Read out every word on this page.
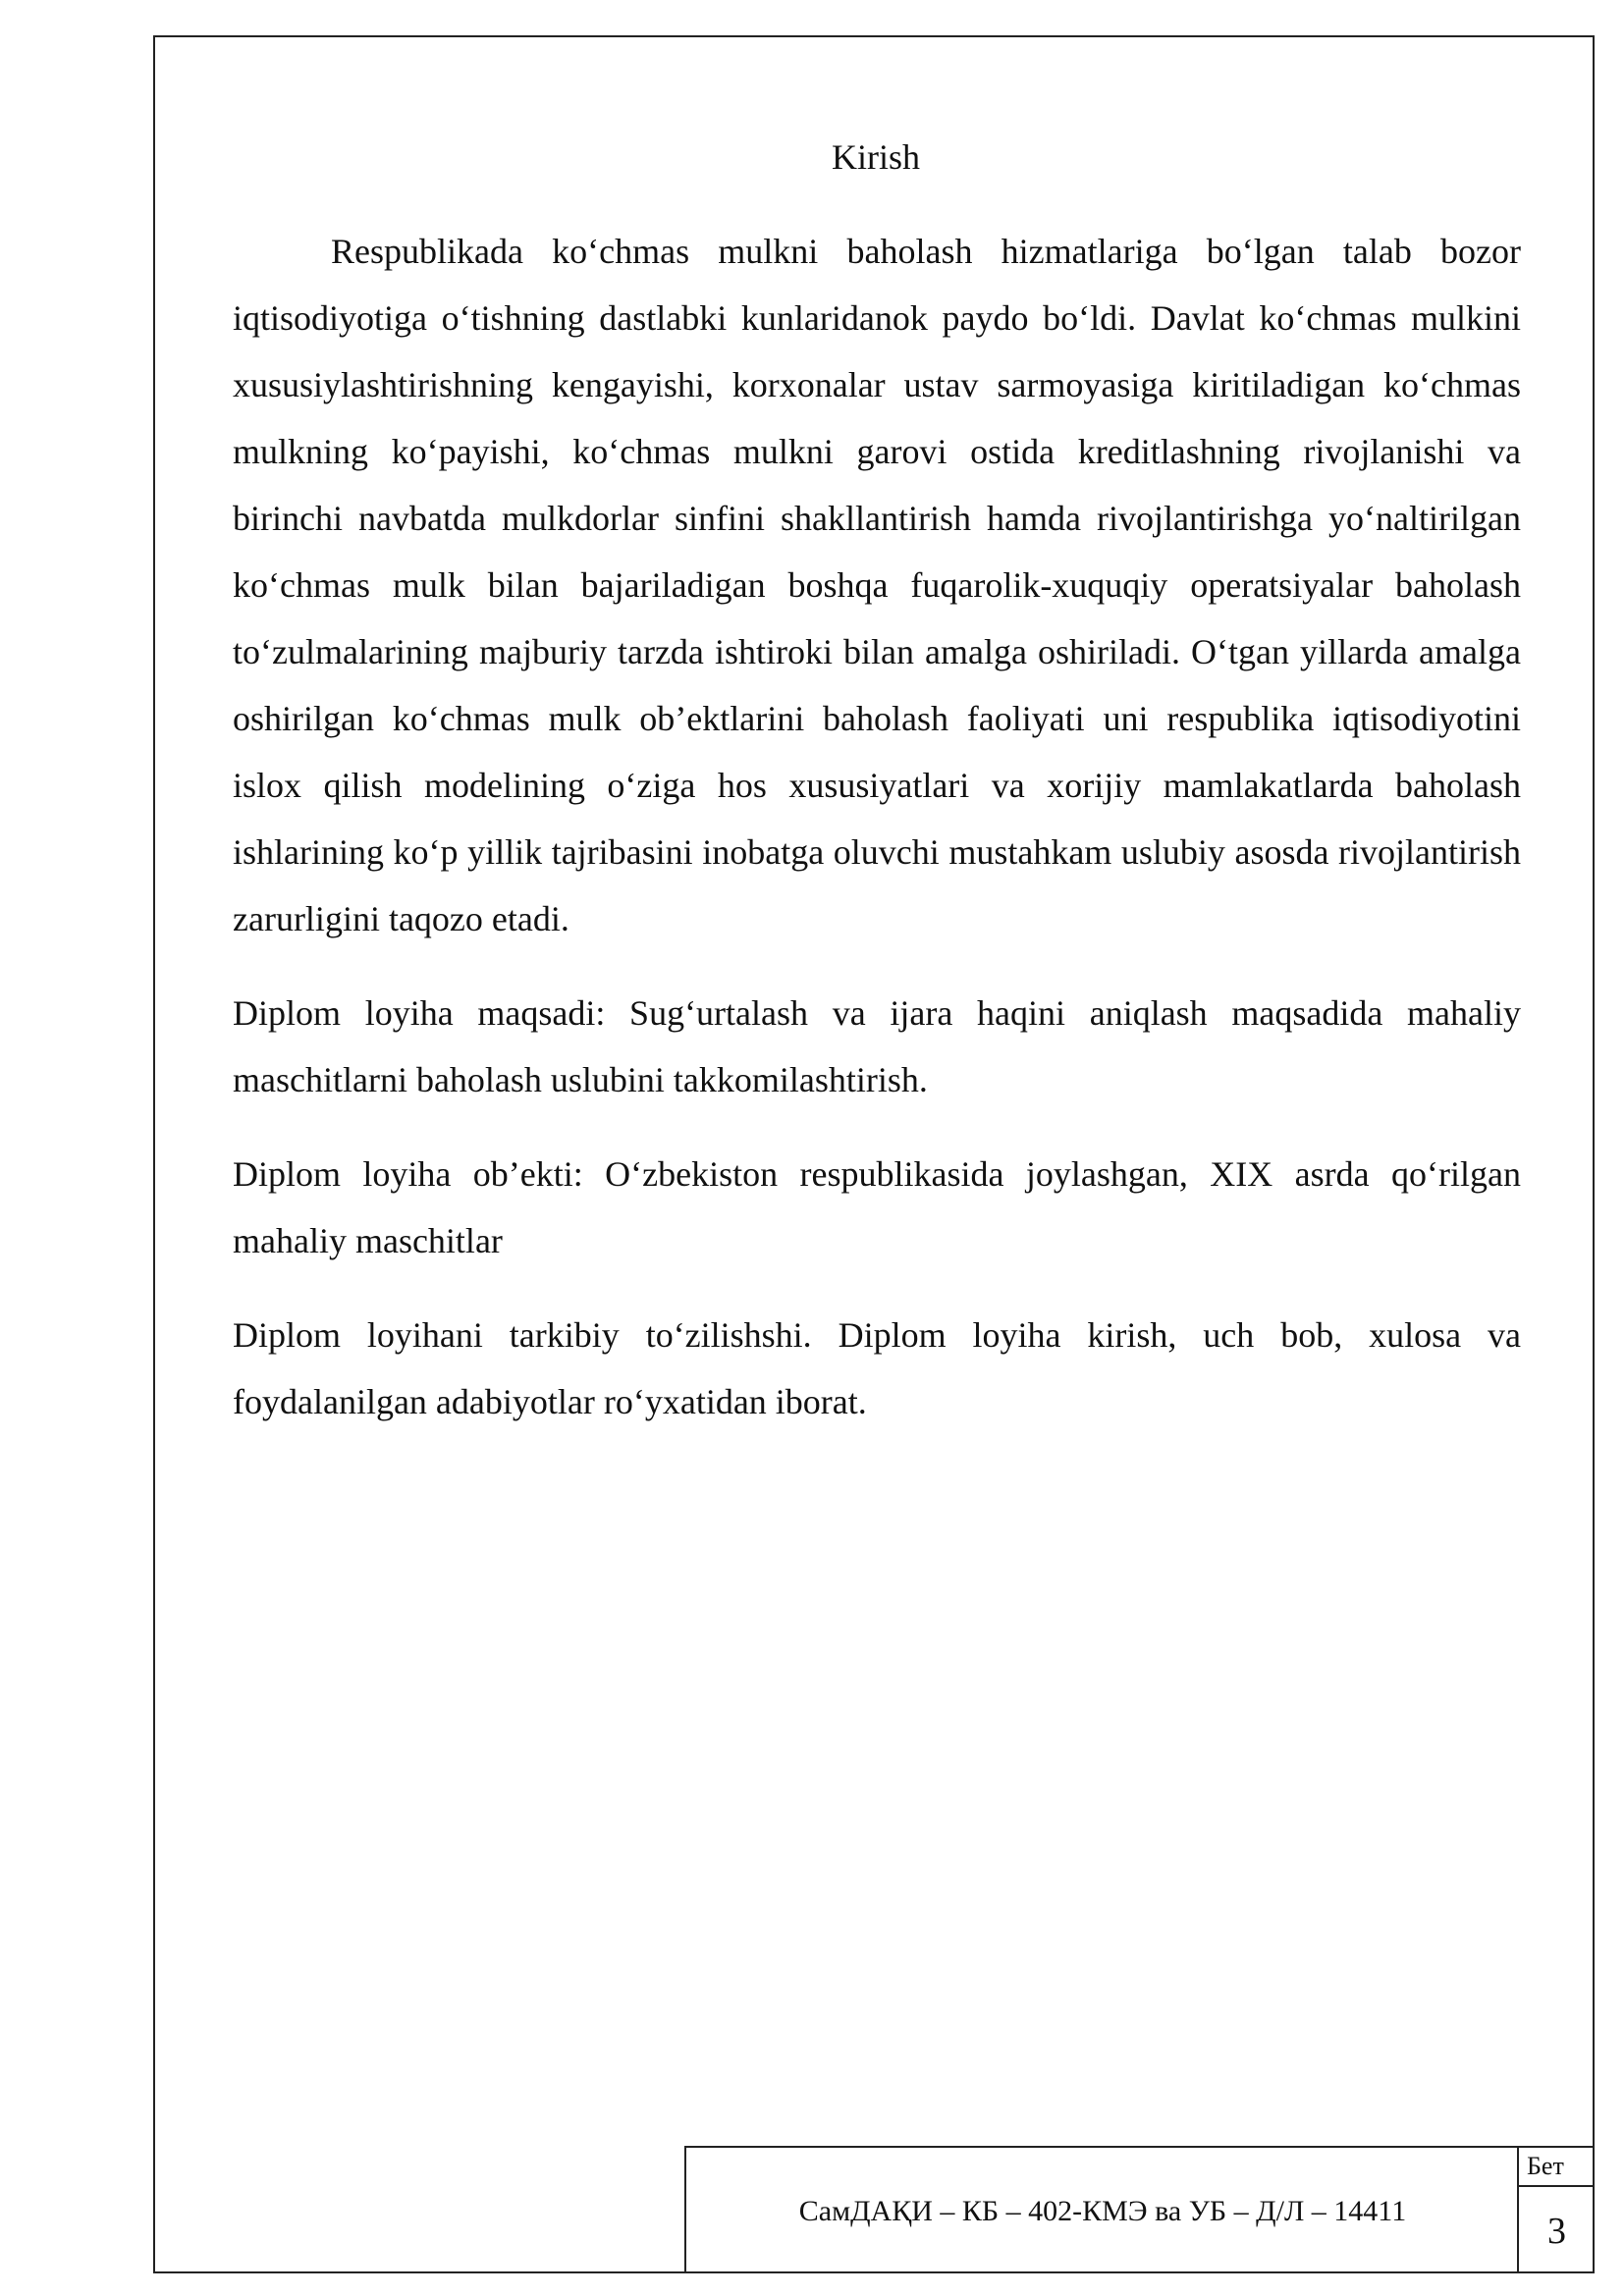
Kirish

Respublikada ko‘chmas mulkni baholash hizmatlariga bo‘lgan talab bozor iqtisodiyotiga o‘tishning dastlabki kunlaridanok paydo bo‘ldi. Davlat ko‘chmas mulkini xususiylashtirishning kengayishi, korxonalar ustav sarmoyasiga kiritiladigan ko‘chmas mulkning ko‘payishi, ko‘chmas mulkni garovi ostida kreditlashning rivojlanishi va birinchi navbatda mulkdorlar sinfini shakllantirish hamda rivojlantirishga yo‘naltirilgan ko‘chmas mulk bilan bajariladigan boshqa fuqarolik-xuquqiy operatsiyalar baholash to‘zulmalarining majburiy tarzda ishtiroki bilan amalga oshiriladi. O‘tgan yillarda amalga oshirilgan ko‘chmas mulk ob’ektlarini baholash faoliyati uni respublika iqtisodiyotini islox qilish modelining o‘ziga hos xususiyatlari va xorijiy mamlakatlarda baholash ishlarining ko‘p yillik tajribasini inobatga oluvchi mustahkam uslubiy asosda rivojlantirish zarurligini taqozo etadi.

Diplom loyiha maqsadi: Sug‘urtalash va ijara haqini aniqlash maqsadida mahaliy maschitlarni baholash uslubini takkomilashtirish.

Diplom loyiha ob’ekti: O‘zbekiston respublikasida joylashgan, XIX asrda qo‘rilgan mahaliy maschitlar

Diplom loyihani tarkibiy to‘zilishshi. Diplom loyiha kirish, uch bob, xulosa va foydalanilgan adabiyotlar ro‘yxatidan iborat.

СамДАҚИ – КБ – 402-КМЭ ва УБ – Д/Л – 14411
Бет
3
